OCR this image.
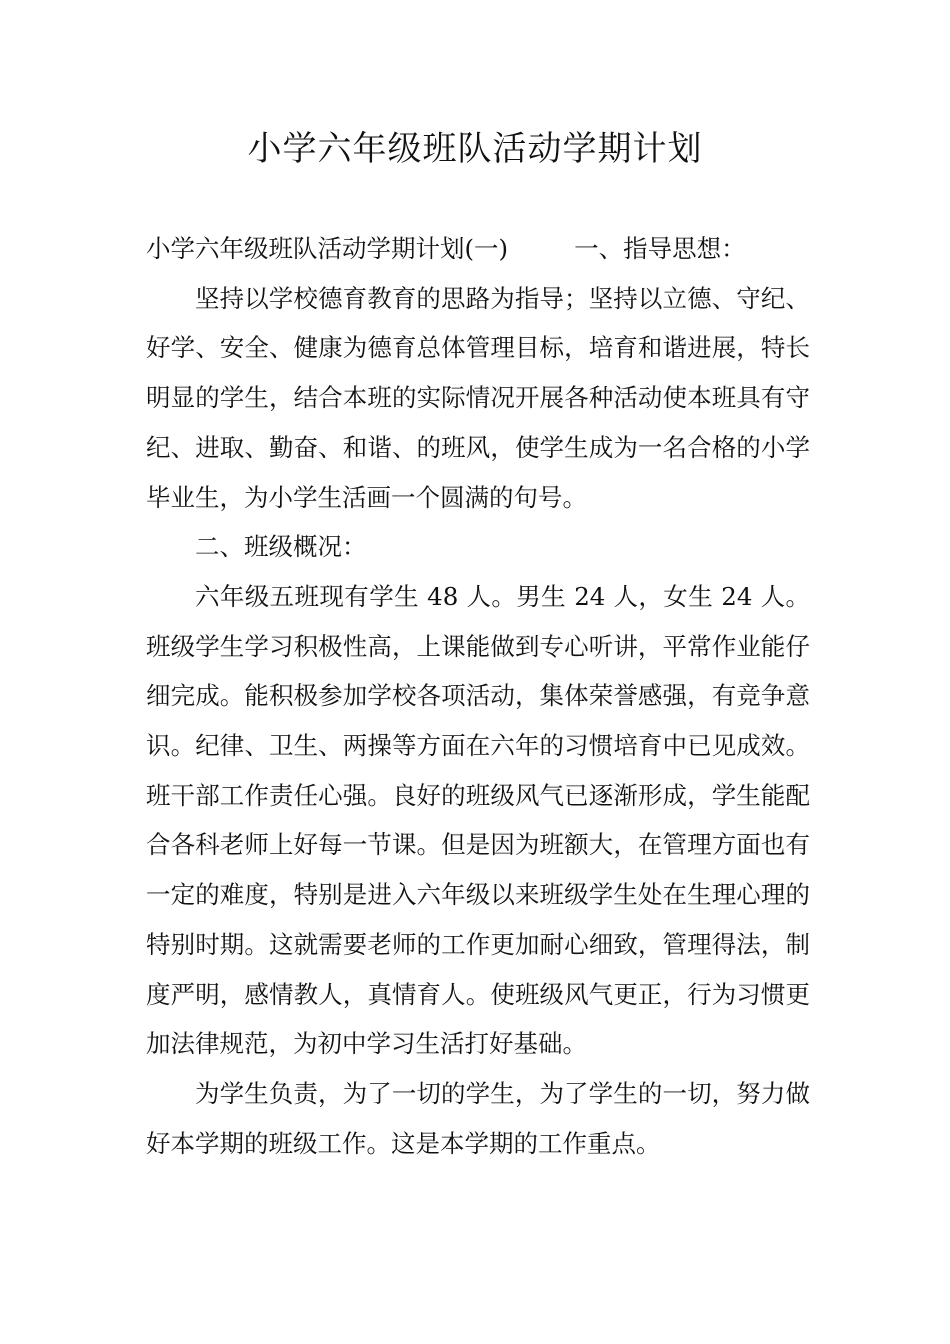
小学六年级班队活动学期计划

小学六年级班队活动学期计划(一)	一、指导思想：

坚持以学校德育教育的思路为指导；坚持以立德、守纪、好学、安全、健康为德育总体管理目标，培育和谐进展，特长明显的学生，结合本班的实际情况开展各种活动使本班具有守纪、进取、勤奋、和谐、的班风，使学生成为一名合格的小学毕业生，为小学生活画一个圆满的句号。

二、班级概况：

六年级五班现有学生 48 人。男生 24 人，女生 24 人。班级学生学习积极性高，上课能做到专心听讲，平常作业能仔细完成。能积极参加学校各项活动，集体荣誉感强，有竞争意识。纪律、卫生、两操等方面在六年的习惯培育中已见成效。班干部工作责任心强。良好的班级风气已逐渐形成，学生能配合各科老师上好每一节课。但是因为班额大，在管理方面也有一定的难度，特别是进入六年级以来班级学生处在生理心理的特别时期。这就需要老师的工作更加耐心细致，管理得法，制度严明，感情教人，真情育人。使班级风气更正，行为习惯更加法律规范，为初中学习生活打好基础。

为学生负责，为了一切的学生，为了学生的一切，努力做好本学期的班级工作。这是本学期的工作重点。
